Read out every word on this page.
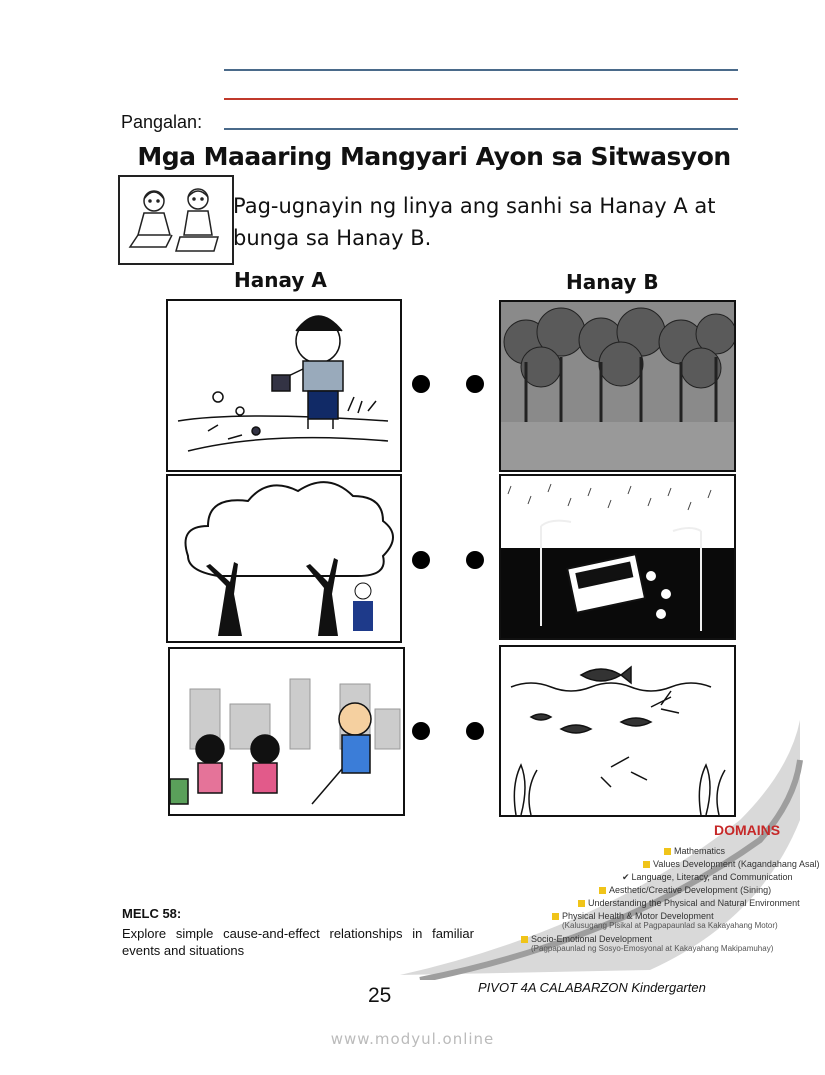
Pangalan:
Mga Maaaring Mangyari Ayon sa Sitwasyon
Pag-ugnayin ng linya ang sanhi sa Hanay A at bunga sa Hanay B.
Hanay A	Hanay B
DOMAINS
Mathematics
Values Development (Kagandahang Asal)
✔ Language, Literacy, and Communication
Aesthetic/Creative Development (Sining)
Understanding the Physical and Natural Environment
Physical Health & Motor Development
(Kalusugang Pisikal at Pagpapaunlad sa Kakayahang Motor)
Socio-Emotional Development
(Pagpapaunlad ng Sosyo-Emosyonal at Kakayahang Makipamuhay)
MELC 58:
Explore simple cause-and-effect relationships in familiar events and situations
25	PIVOT 4A CALABARZON Kindergarten
www.modyul.online
